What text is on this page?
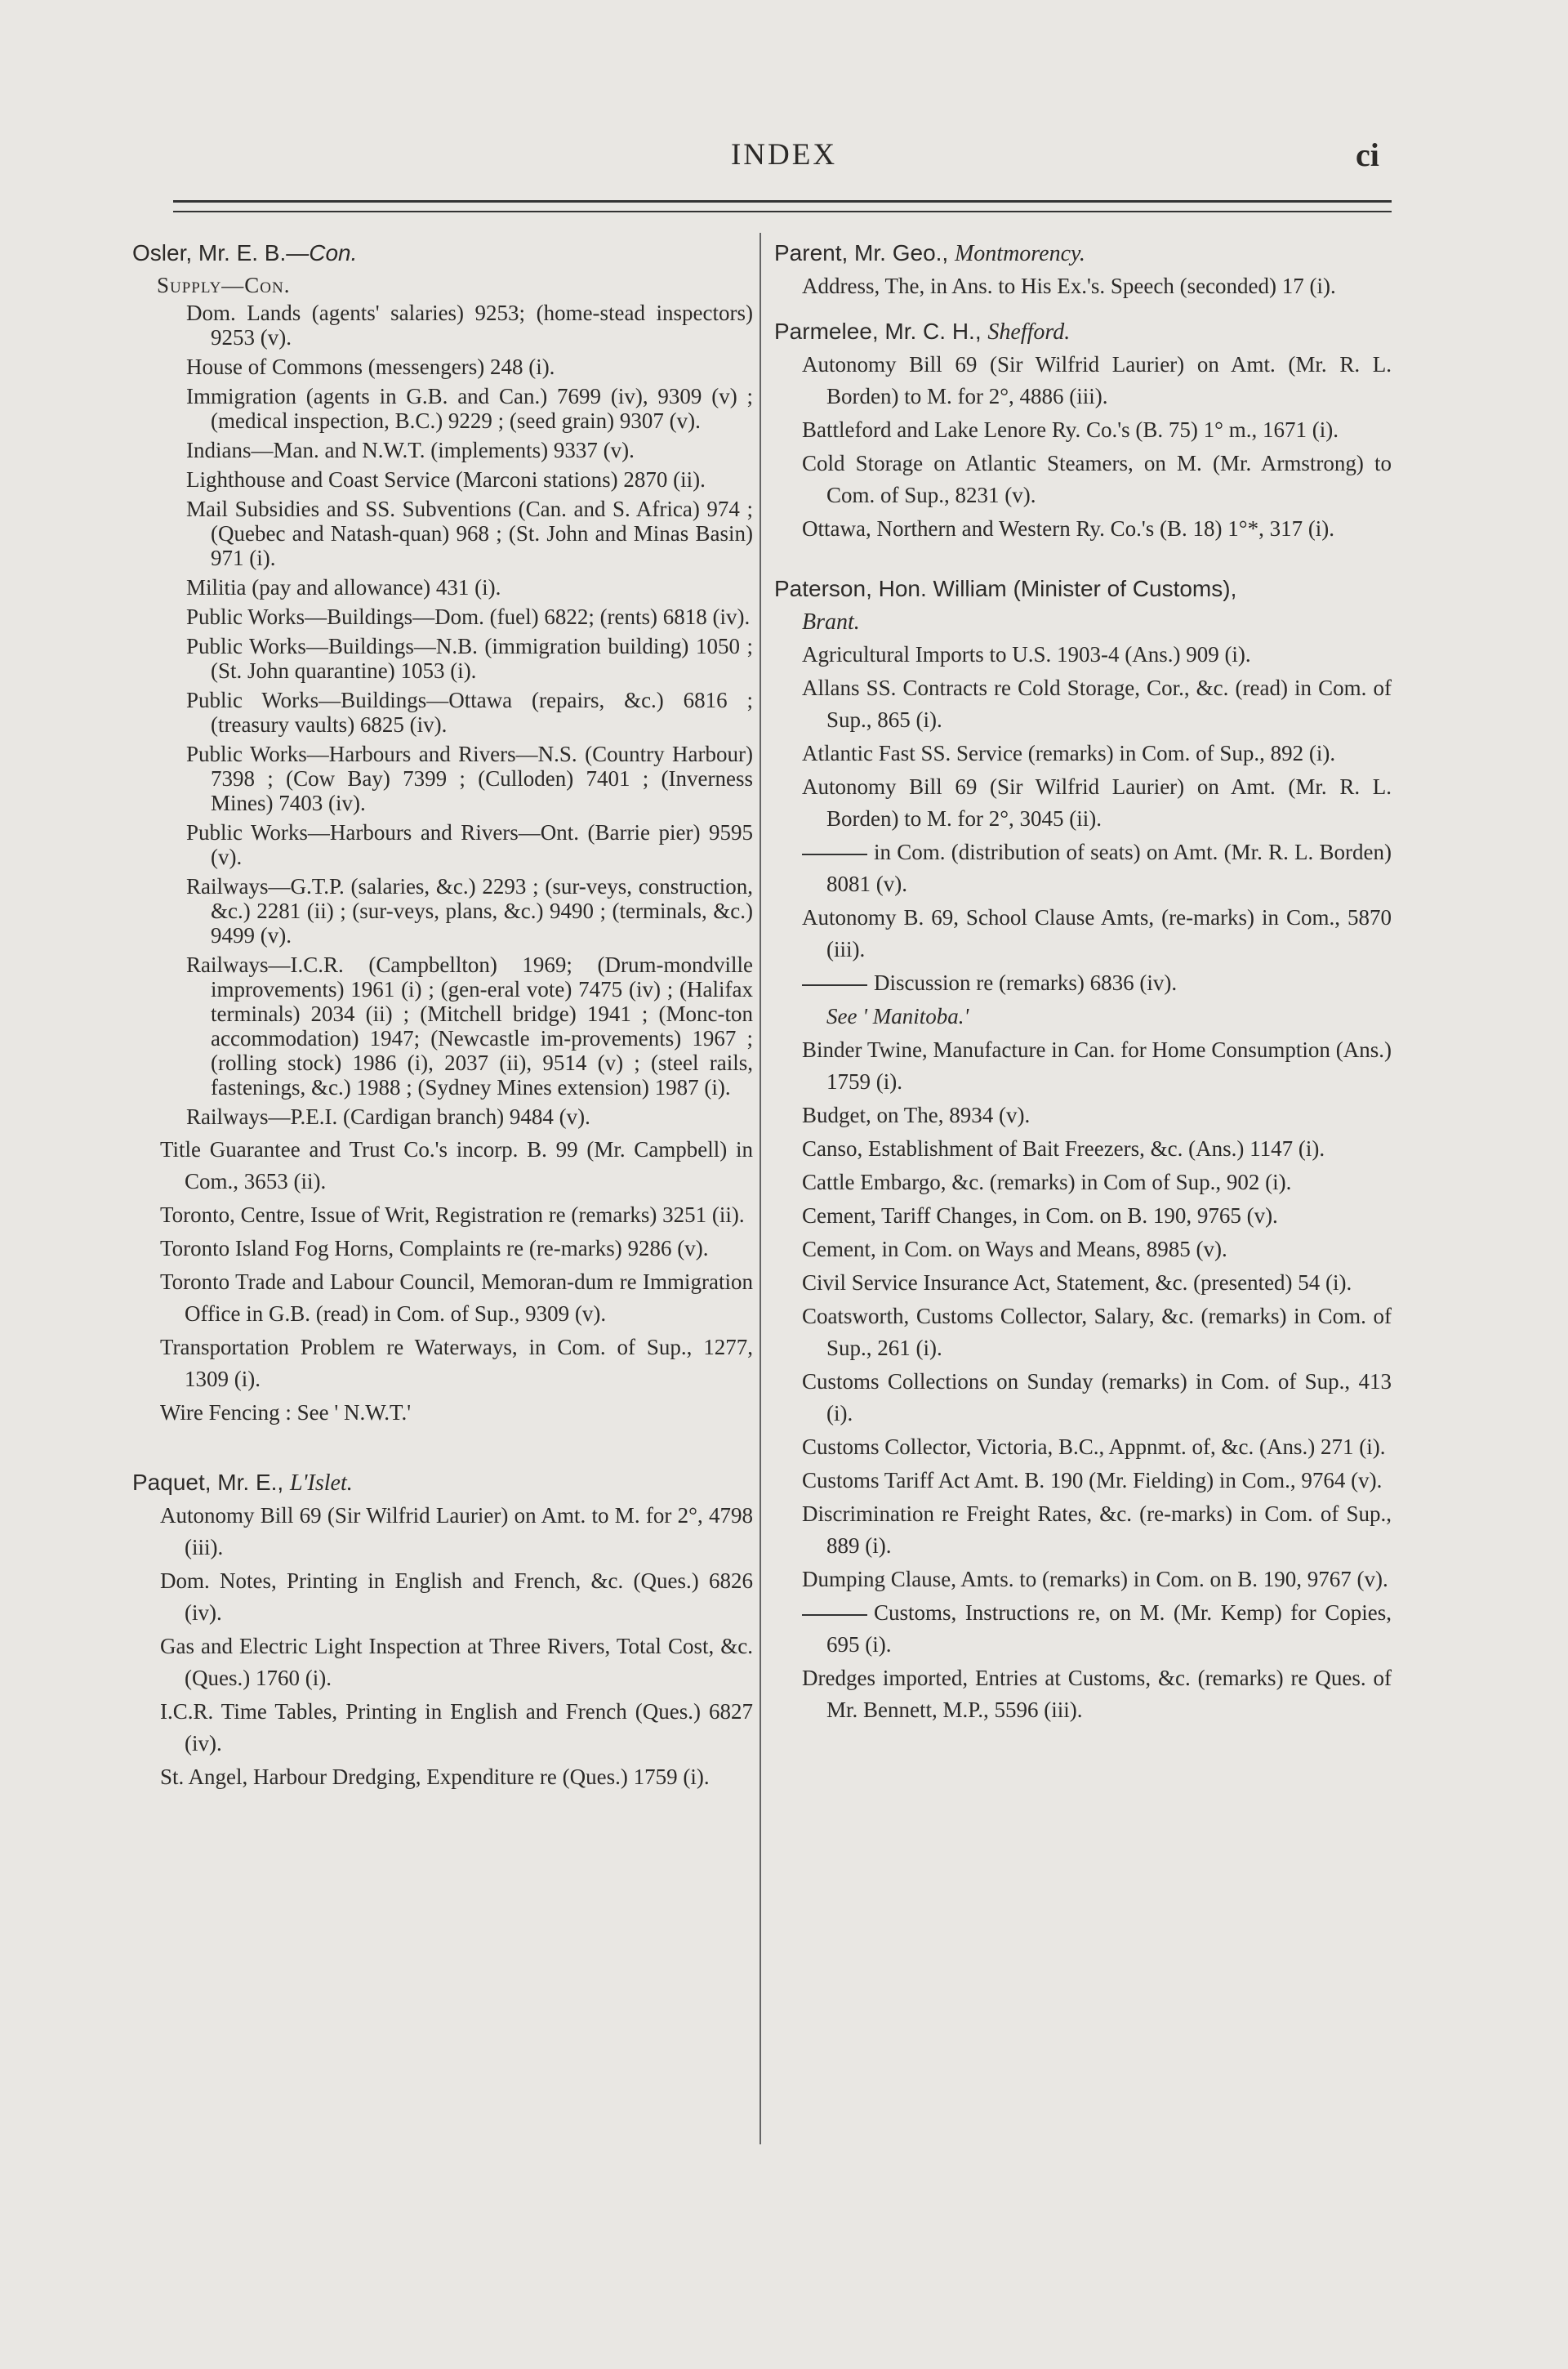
INDEX	ci

Osler, Mr. E. B.—Con.

Supply—Con.

Dom. Lands (agents' salaries) 9253; (home-stead inspectors) 9253 (v).

House of Commons (messengers) 248 (i).

Immigration (agents in G.B. and Can.) 7699 (iv), 9309 (v) ; (medical inspection, B.C.) 9229 ; (seed grain) 9307 (v).

Indians—Man. and N.W.T. (implements) 9337 (v).

Lighthouse and Coast Service (Marconi stations) 2870 (ii).

Mail Subsidies and SS. Subventions (Can. and S. Africa) 974 ; (Quebec and Natash-quan) 968 ; (St. John and Minas Basin) 971 (i).

Militia (pay and allowance) 431 (i).

Public Works—Buildings—Dom. (fuel) 6822; (rents) 6818 (iv).

Public Works—Buildings—N.B. (immigration building) 1050 ; (St. John quarantine) 1053 (i).

Public Works—Buildings—Ottawa (repairs, &c.) 6816 ; (treasury vaults) 6825 (iv).

Public Works—Harbours and Rivers—N.S. (Country Harbour) 7398 ; (Cow Bay) 7399 ; (Culloden) 7401 ; (Inverness Mines) 7403 (iv).

Public Works—Harbours and Rivers—Ont. (Barrie pier) 9595 (v).

Railways—G.T.P. (salaries, &c.) 2293 ; (sur-veys, construction, &c.) 2281 (ii) ; (sur-veys, plans, &c.) 9490 ; (terminals, &c.) 9499 (v).

Railways—I.C.R. (Campbellton) 1969; (Drum-mondville improvements) 1961 (i) ; (gen-eral vote) 7475 (iv) ; (Halifax terminals) 2034 (ii) ; (Mitchell bridge) 1941 ; (Monc-ton accommodation) 1947; (Newcastle im-provements) 1967 ; (rolling stock) 1986 (i), 2037 (ii), 9514 (v) ; (steel rails, fastenings, &c.) 1988 ; (Sydney Mines extension) 1987 (i).

Railways—P.E.I. (Cardigan branch) 9484 (v).

Title Guarantee and Trust Co.'s incorp. B. 99 (Mr. Campbell) in Com., 3653 (ii).

Toronto, Centre, Issue of Writ, Registration re (remarks) 3251 (ii).

Toronto Island Fog Horns, Complaints re (re-marks) 9286 (v).

Toronto Trade and Labour Council, Memoran-dum re Immigration Office in G.B. (read) in Com. of Sup., 9309 (v).

Transportation Problem re Waterways, in Com. of Sup., 1277, 1309 (i).

Wire Fencing : See ' N.W.T.'

Paquet, Mr. E., L'Islet.

Autonomy Bill 69 (Sir Wilfrid Laurier) on Amt. to M. for 2°, 4798 (iii).

Dom. Notes, Printing in English and French, &c. (Ques.) 6826 (iv).

Gas and Electric Light Inspection at Three Rivers, Total Cost, &c. (Ques.) 1760 (i).

I.C.R. Time Tables, Printing in English and French (Ques.) 6827 (iv).

St. Angel, Harbour Dredging, Expenditure re (Ques.) 1759 (i).

Parent, Mr. Geo., Montmorency.

Address, The, in Ans. to His Ex.'s. Speech (seconded) 17 (i).

Parmelee, Mr. C. H., Shefford.

Autonomy Bill 69 (Sir Wilfrid Laurier) on Amt. (Mr. R. L. Borden) to M. for 2°, 4886 (iii).

Battleford and Lake Lenore Ry. Co.'s (B. 75) 1° m., 1671 (i).

Cold Storage on Atlantic Steamers, on M. (Mr. Armstrong) to Com. of Sup., 8231 (v).

Ottawa, Northern and Western Ry. Co.'s (B. 18) 1°*, 317 (i).

Paterson, Hon. William (Minister of Customs),

Brant.

Agricultural Imports to U.S. 1903-4 (Ans.) 909 (i).

Allans SS. Contracts re Cold Storage, Cor., &c. (read) in Com. of Sup., 865 (i).

Atlantic Fast SS. Service (remarks) in Com. of Sup., 892 (i).

Autonomy Bill 69 (Sir Wilfrid Laurier) on Amt. (Mr. R. L. Borden) to M. for 2°, 3045 (ii).

in Com. (distribution of seats) on Amt. (Mr. R. L. Borden) 8081 (v).

Autonomy B. 69, School Clause Amts, (re-marks) in Com., 5870 (iii).

Discussion re (remarks) 6836 (iv).

See ' Manitoba.'

Binder Twine, Manufacture in Can. for Home Consumption (Ans.) 1759 (i).

Budget, on The, 8934 (v).

Canso, Establishment of Bait Freezers, &c. (Ans.) 1147 (i).

Cattle Embargo, &c. (remarks) in Com of Sup., 902 (i).

Cement, Tariff Changes, in Com. on B. 190, 9765 (v).

Cement, in Com. on Ways and Means, 8985 (v).

Civil Service Insurance Act, Statement, &c. (presented) 54 (i).

Coatsworth, Customs Collector, Salary, &c. (remarks) in Com. of Sup., 261 (i).

Customs Collections on Sunday (remarks) in Com. of Sup., 413 (i).

Customs Collector, Victoria, B.C., Appnmt. of, &c. (Ans.) 271 (i).

Customs Tariff Act Amt. B. 190 (Mr. Fielding) in Com., 9764 (v).

Discrimination re Freight Rates, &c. (re-marks) in Com. of Sup., 889 (i).

Dumping Clause, Amts. to (remarks) in Com. on B. 190, 9767 (v).

Customs, Instructions re, on M. (Mr. Kemp) for Copies, 695 (i).

Dredges imported, Entries at Customs, &c. (remarks) re Ques. of Mr. Bennett, M.P., 5596 (iii).
